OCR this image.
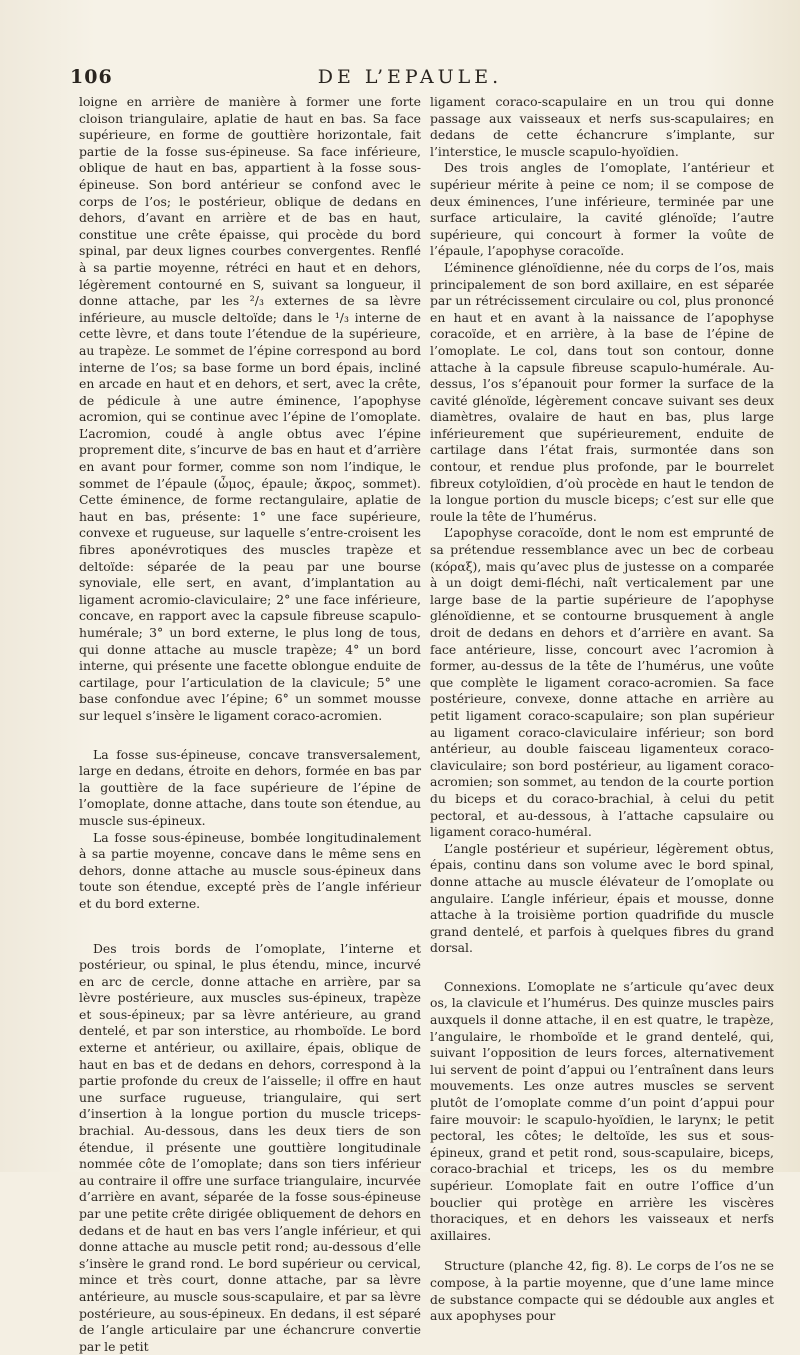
106	DE L’EPAULE.

loigne en arrière de manière à former une forte cloison triangulaire, aplatie de haut en bas. Sa face supérieure, en forme de gouttière horizontale, fait partie de la fosse sus-épineuse. Sa face inférieure, oblique de haut en bas, appartient à la fosse sous-épineuse. Son bord antérieur se confond avec le corps de l’os; le postérieur, oblique de dedans en dehors, d’avant en arrière et de bas en haut, constitue une crête épaisse, qui procède du bord spinal, par deux lignes courbes convergentes. Renflé à sa partie moyenne, rétréci en haut et en dehors, légèrement contourné en S, suivant sa longueur, il donne attache, par les ²/₃ externes de sa lèvre inférieure, au muscle deltoïde; dans le ¹/₃ interne de cette lèvre, et dans toute l’étendue de la supérieure, au trapèze. Le sommet de l’épine correspond au bord interne de l’os; sa base forme un bord épais, incliné en arcade en haut et en dehors, et sert, avec la crête, de pédicule à une autre éminence, l’apophyse acromion, qui se continue avec l’épine de l’omoplate. L’acromion, coudé à angle obtus avec l’épine proprement dite, s’incurve de bas en haut et d’arrière en avant pour former, comme son nom l’indique, le sommet de l’épaule (ὦμος, épaule; ἄκρος, sommet). Cette éminence, de forme rectangulaire, aplatie de haut en bas, présente: 1° une face supérieure, convexe et rugueuse, sur laquelle s’entre-croisent les fibres aponévrotiques des muscles trapèze et deltoïde: séparée de la peau par une bourse synoviale, elle sert, en avant, d’implantation au ligament acromio-claviculaire; 2° une face inférieure, concave, en rapport avec la capsule fibreuse scapulo-humérale; 3° un bord externe, le plus long de tous, qui donne attache au muscle trapèze; 4° un bord interne, qui présente une facette oblongue enduite de cartilage, pour l’articulation de la clavicule; 5° une base confondue avec l’épine; 6° un sommet mousse sur lequel s’insère le ligament coraco-acromien.

La fosse sus-épineuse, concave transversalement, large en dedans, étroite en dehors, formée en bas par la gouttière de la face supérieure de l’épine de l’omoplate, donne attache, dans toute son étendue, au muscle sus-épineux.

La fosse sous-épineuse, bombée longitudinalement à sa partie moyenne, concave dans le même sens en dehors, donne attache au muscle sous-épineux dans toute son étendue, excepté près de l’angle inférieur et du bord externe.

Des trois bords de l’omoplate, l’interne et postérieur, ou spinal, le plus étendu, mince, incurvé en arc de cercle, donne attache en arrière, par sa lèvre postérieure, aux muscles sus-épineux, trapèze et sous-épineux; par sa lèvre antérieure, au grand dentelé, et par son interstice, au rhomboïde. Le bord externe et antérieur, ou axillaire, épais, oblique de haut en bas et de dedans en dehors, correspond à la partie profonde du creux de l’aisselle; il offre en haut une surface rugueuse, triangulaire, qui sert d’insertion à la longue portion du muscle triceps-brachial. Au-dessous, dans les deux tiers de son étendue, il présente une gouttière longitudinale nommée côte de l’omoplate; dans son tiers inférieur au contraire il offre une surface triangulaire, incurvée d’arrière en avant, séparée de la fosse sous-épineuse par une petite crête dirigée obliquement de dehors en dedans et de haut en bas vers l’angle inférieur, et qui donne attache au muscle petit rond; au-dessous d’elle s’insère le grand rond. Le bord supérieur ou cervical, mince et très court, donne attache, par sa lèvre antérieure, au muscle sous-scapulaire, et par sa lèvre postérieure, au sous-épineux. En dedans, il est séparé de l’angle articulaire par une échancrure convertie par le petit

ligament coraco-scapulaire en un trou qui donne passage aux vaisseaux et nerfs sus-scapulaires; en dedans de cette échancrure s’implante, sur l’interstice, le muscle scapulo-hyoïdien.

Des trois angles de l’omoplate, l’antérieur et supérieur mérite à peine ce nom; il se compose de deux éminences, l’une inférieure, terminée par une surface articulaire, la cavité glénoïde; l’autre supérieure, qui concourt à former la voûte de l’épaule, l’apophyse coracoïde.

L’éminence glénoïdienne, née du corps de l’os, mais principalement de son bord axillaire, en est séparée par un rétrécissement circulaire ou col, plus prononcé en haut et en avant à la naissance de l’apophyse coracoïde, et en arrière, à la base de l’épine de l’omoplate. Le col, dans tout son contour, donne attache à la capsule fibreuse scapulo-humérale. Au-dessus, l’os s’épanouit pour former la surface de la cavité glénoïde, légèrement concave suivant ses deux diamètres, ovalaire de haut en bas, plus large inférieurement que supérieurement, enduite de cartilage dans l’état frais, surmontée dans son contour, et rendue plus profonde, par le bourrelet fibreux cotyloïdien, d’où procède en haut le tendon de la longue portion du muscle biceps; c’est sur elle que roule la tête de l’humérus.

L’apophyse coracoïde, dont le nom est emprunté de sa prétendue ressemblance avec un bec de corbeau (κόραξ), mais qu’avec plus de justesse on a comparée à un doigt demi-fléchi, naît verticalement par une large base de la partie supérieure de l’apophyse glénoïdienne, et se contourne brusquement à angle droit de dedans en dehors et d’arrière en avant. Sa face antérieure, lisse, concourt avec l’acromion à former, au-dessus de la tête de l’humérus, une voûte que complète le ligament coraco-acromien. Sa face postérieure, convexe, donne attache en arrière au petit ligament coraco-scapulaire; son plan supérieur au ligament coraco-claviculaire inférieur; son bord antérieur, au double faisceau ligamenteux coraco-claviculaire; son bord postérieur, au ligament coraco-acromien; son sommet, au tendon de la courte portion du biceps et du coraco-brachial, à celui du petit pectoral, et au-dessous, à l’attache capsulaire ou ligament coraco-huméral.

L’angle postérieur et supérieur, légèrement obtus, épais, continu dans son volume avec le bord spinal, donne attache au muscle élévateur de l’omoplate ou angulaire. L’angle inférieur, épais et mousse, donne attache à la troisième portion quadrifide du muscle grand dentelé, et parfois à quelques fibres du grand dorsal.

Connexions. L’omoplate ne s’articule qu’avec deux os, la clavicule et l’humérus. Des quinze muscles pairs auxquels il donne attache, il en est quatre, le trapèze, l’angulaire, le rhomboïde et le grand dentelé, qui, suivant l’opposition de leurs forces, alternativement lui servent de point d’appui ou l’entraînent dans leurs mouvements. Les onze autres muscles se servent plutôt de l’omoplate comme d’un point d’appui pour faire mouvoir: le scapulo-hyoïdien, le larynx; le petit pectoral, les côtes; le deltoïde, les sus et sous-épineux, grand et petit rond, sous-scapulaire, biceps, coraco-brachial et triceps, les os du membre supérieur. L’omoplate fait en outre l’office d’un bouclier qui protège en arrière les viscères thoraciques, et en dehors les vaisseaux et nerfs axillaires.

Structure (planche 42, fig. 8). Le corps de l’os ne se compose, à la partie moyenne, que d’une lame mince de substance compacte qui se dédouble aux angles et aux apophyses pour
